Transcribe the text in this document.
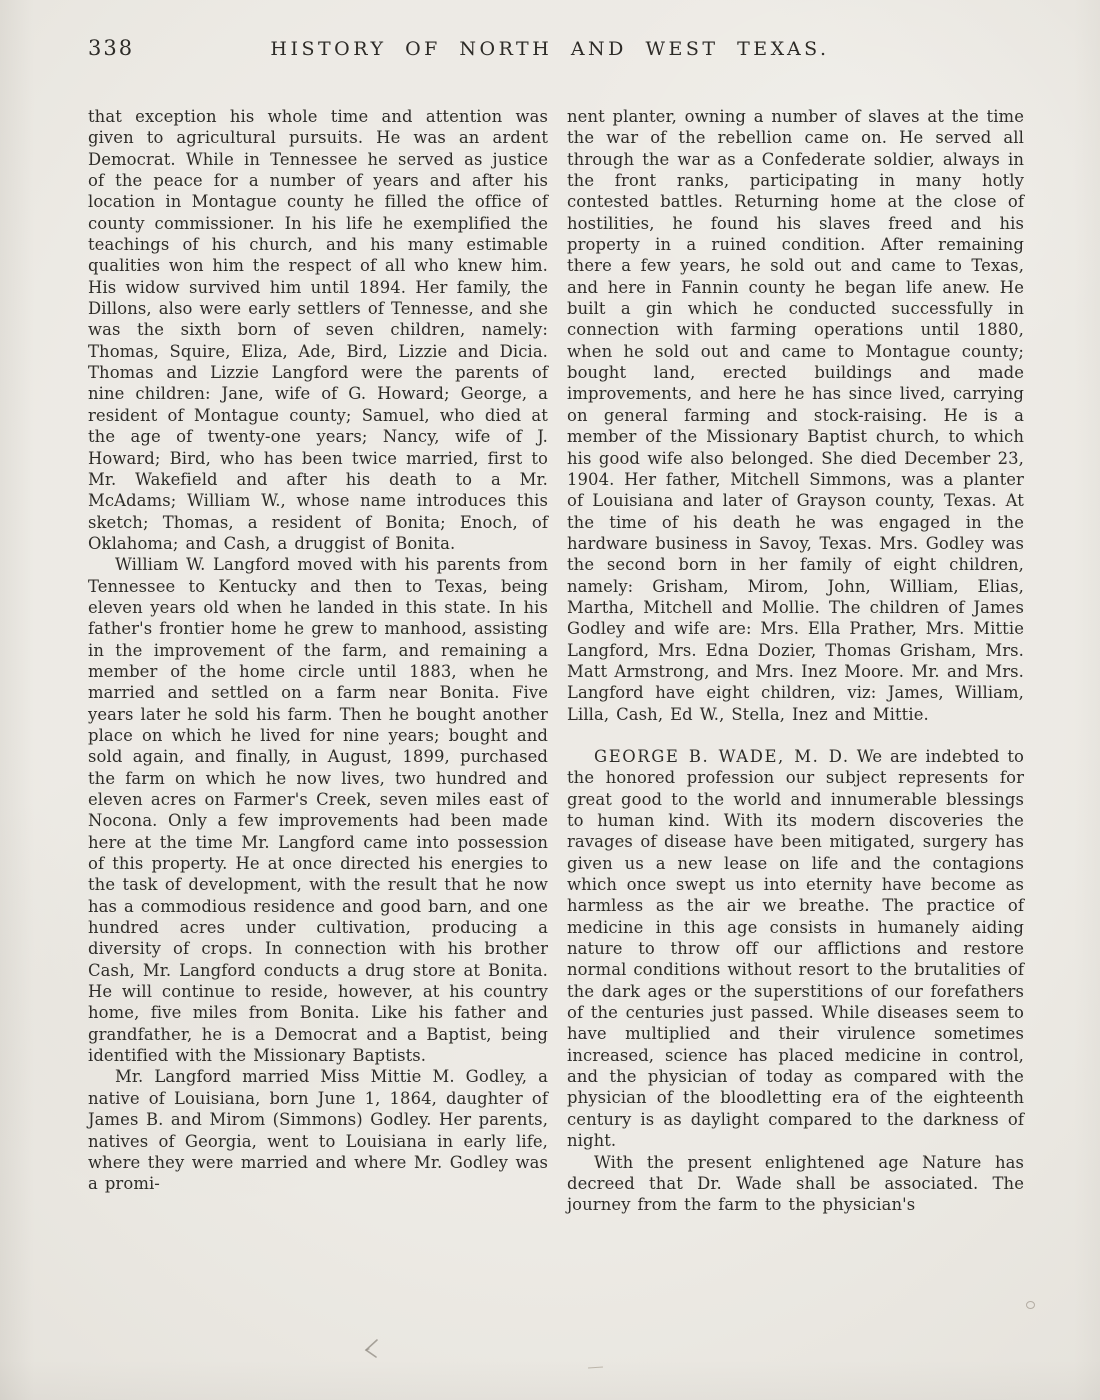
338	HISTORY OF NORTH AND WEST TEXAS.

that exception his whole time and attention was given to agricultural pursuits. He was an ardent Democrat. While in Tennessee he served as justice of the peace for a number of years and after his location in Montague county he filled the office of county commissioner. In his life he exemplified the teachings of his church, and his many estimable qualities won him the respect of all who knew him. His widow survived him until 1894. Her family, the Dillons, also were early settlers of Tennesse, and she was the sixth born of seven children, namely: Thomas, Squire, Eliza, Ade, Bird, Lizzie and Dicia. Thomas and Lizzie Langford were the parents of nine children: Jane, wife of G. Howard; George, a resident of Montague county; Samuel, who died at the age of twenty-one years; Nancy, wife of J. Howard; Bird, who has been twice married, first to Mr. Wakefield and after his death to a Mr. McAdams; William W., whose name introduces this sketch; Thomas, a resident of Bonita; Enoch, of Oklahoma; and Cash, a druggist of Bonita.

William W. Langford moved with his parents from Tennessee to Kentucky and then to Texas, being eleven years old when he landed in this state. In his father's frontier home he grew to manhood, assisting in the improvement of the farm, and remaining a member of the home circle until 1883, when he married and settled on a farm near Bonita. Five years later he sold his farm. Then he bought another place on which he lived for nine years; bought and sold again, and finally, in August, 1899, purchased the farm on which he now lives, two hundred and eleven acres on Farmer's Creek, seven miles east of Nocona. Only a few improvements had been made here at the time Mr. Langford came into possession of this property. He at once directed his energies to the task of development, with the result that he now has a commodious residence and good barn, and one hundred acres under cultivation, producing a diversity of crops. In connection with his brother Cash, Mr. Langford conducts a drug store at Bonita. He will continue to reside, however, at his country home, five miles from Bonita. Like his father and grandfather, he is a Democrat and a Baptist, being identified with the Missionary Baptists.

Mr. Langford married Miss Mittie M. Godley, a native of Louisiana, born June 1, 1864, daughter of James B. and Mirom (Simmons) Godley. Her parents, natives of Georgia, went to Louisiana in early life, where they were married and where Mr. Godley was a promi-

nent planter, owning a number of slaves at the time the war of the rebellion came on. He served all through the war as a Confederate soldier, always in the front ranks, participating in many hotly contested battles. Returning home at the close of hostilities, he found his slaves freed and his property in a ruined condition. After remaining there a few years, he sold out and came to Texas, and here in Fannin county he began life anew. He built a gin which he conducted successfully in connection with farming operations until 1880, when he sold out and came to Montague county; bought land, erected buildings and made improvements, and here he has since lived, carrying on general farming and stock-raising. He is a member of the Missionary Baptist church, to which his good wife also belonged. She died December 23, 1904. Her father, Mitchell Simmons, was a planter of Louisiana and later of Grayson county, Texas. At the time of his death he was engaged in the hardware business in Savoy, Texas. Mrs. Godley was the second born in her family of eight children, namely: Grisham, Mirom, John, William, Elias, Martha, Mitchell and Mollie. The children of James Godley and wife are: Mrs. Ella Prather, Mrs. Mittie Langford, Mrs. Edna Dozier, Thomas Grisham, Mrs. Matt Armstrong, and Mrs. Inez Moore. Mr. and Mrs. Langford have eight children, viz: James, William, Lilla, Cash, Ed W., Stella, Inez and Mittie.

GEORGE B. WADE, M. D. We are indebted to the honored profession our subject represents for great good to the world and innumerable blessings to human kind. With its modern discoveries the ravages of disease have been mitigated, surgery has given us a new lease on life and the contagions which once swept us into eternity have become as harmless as the air we breathe. The practice of medicine in this age consists in humanely aiding nature to throw off our afflictions and restore normal conditions without resort to the brutalities of the dark ages or the superstitions of our forefathers of the centuries just passed. While diseases seem to have multiplied and their virulence sometimes increased, science has placed medicine in control, and the physician of today as compared with the physician of the bloodletting era of the eighteenth century is as daylight compared to the darkness of night.

With the present enlightened age Nature has decreed that Dr. Wade shall be associated. The journey from the farm to the physician's
